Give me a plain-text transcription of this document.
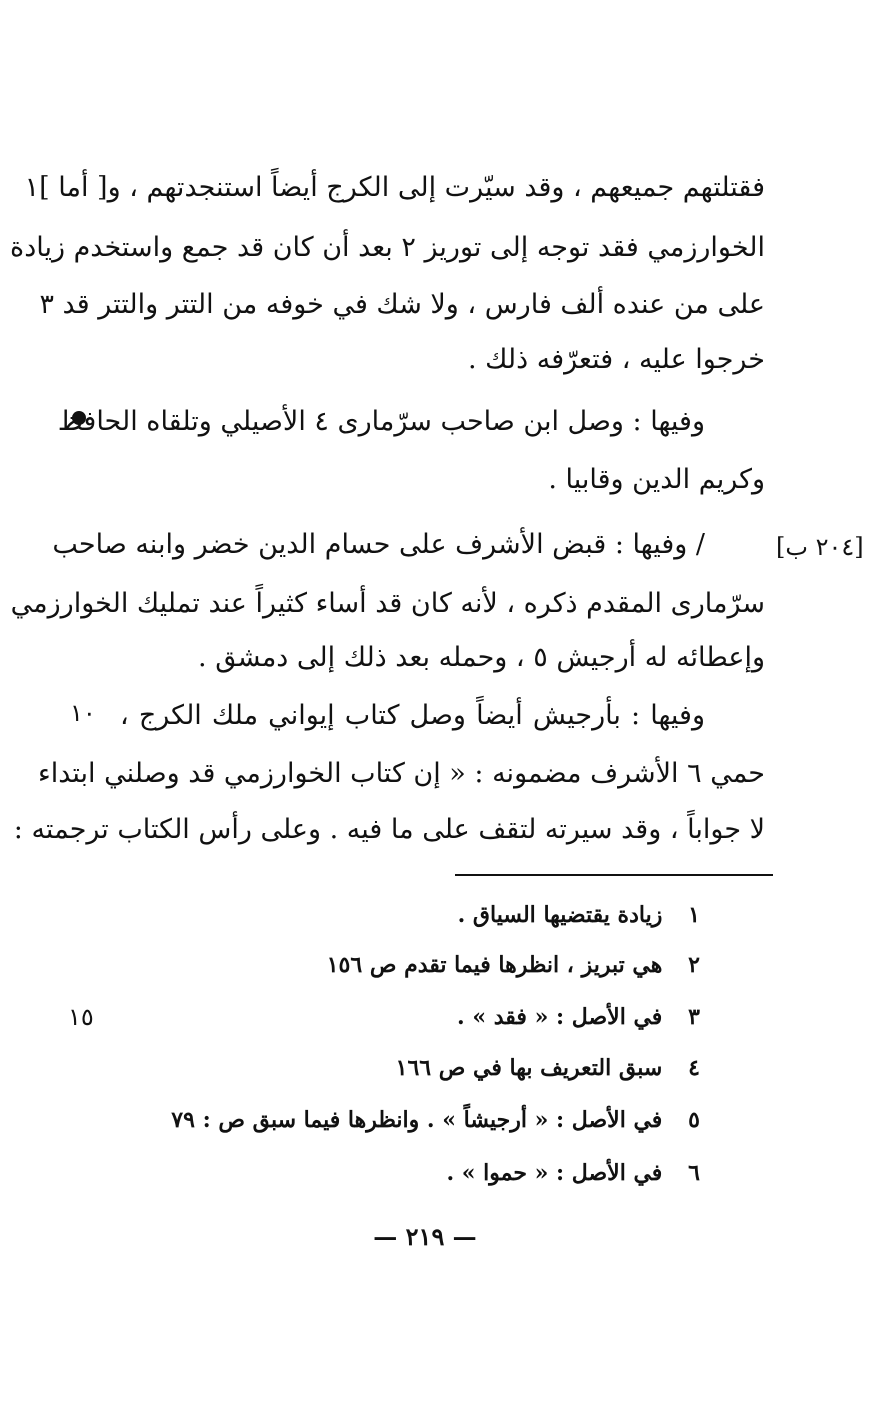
فقتلتهم جميعهم ، وقد سيّرت إلى الكرج أيضاً استنجدتهم ، و[ أما ]١
الخوارزمي فقد توجه إلى توريز ٢ بعد أن كان قد جمع واستخدم زيادة
على من عنده ألف فارس ، ولا شك في خوفه من التتر والتتر قد ٣
خرجوا عليه ، فتعرّفه ذلك .
وفيها : وصل ابن صاحب سرّمارى ٤ الأصيلي وتلقاه الحافظ
وكريم الدين وقابيا .
[٢٠٤ ب]
/ وفيها : قبض الأشرف على حسام الدين خضر وابنه صاحب
سرّمارى المقدم ذكره ، لأنه كان قد أساء كثيراً عند تمليك الخوارزمي
وإعطائه له أرجيش ٥ ، وحمله بعد ذلك إلى دمشق .
١٠ وفيها : بأرجيش أيضاً وصل كتاب إيواني ملك الكرج ،
حمي ٦ الأشرف مضمونه : « إن كتاب الخوارزمي قد وصلني ابتداء
لا جواباً ، وقد سيرته لتقف على ما فيه . وعلى رأس الكتاب ترجمته :
١ زيادة يقتضيها السياق .
٢ هي تبريز ، انظرها فيما تقدم ص ١٥٦
١٥	٣ في الأصل : « فقد » .
٤ سبق التعريف بها في ص ١٦٦
٥ في الأصل : « أرجيشاً » . وانظرها فيما سبق ص : ٧٩
٦ في الأصل : « حموا » .
— ٢١٩ —
